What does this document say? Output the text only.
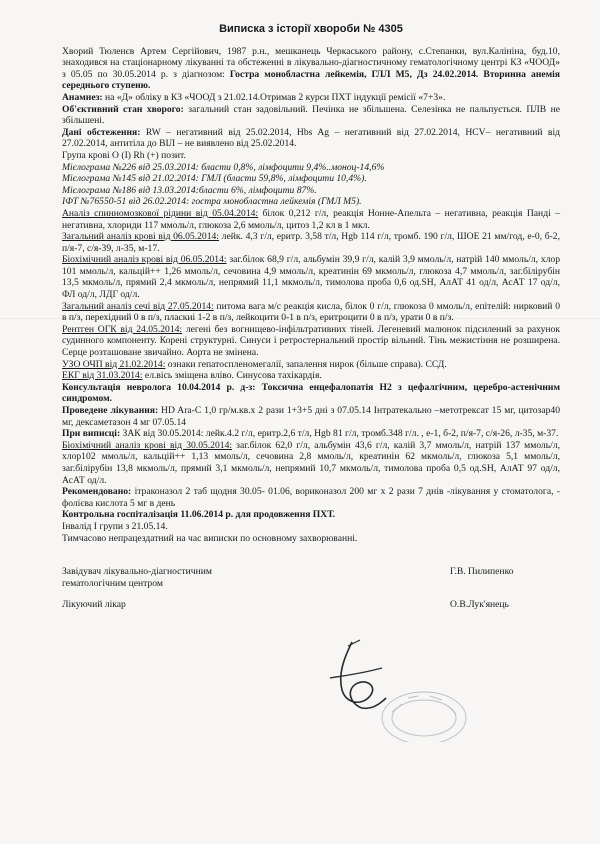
Виписка з історії хвороби № 4305

Хворий Тюленєв Артем Сергійович, 1987 р.н., мешканець Черкаського району, с.Степанки, вул.Калініна, буд.10, знаходився на стаціонарному лікуванні та обстеженні в лікувально-діагностичному гематологічному центрі КЗ «ЧООД» з 05.05 по 30.05.2014 р. з діагнозом: Гостра монобластна лейкемія, ГЛЛ М5, Дз 24.02.2014. Вторинна анемія середнього ступеню.

Анамнез: на «Д» обліку в КЗ «ЧООД з 21.02.14.Отримав 2 курси ПХТ індукції ремісії «7+3».

Об'єктивний стан хворого: загальний стан задовільний. Печінка не збільшена. Селезінка не пальпується. ПЛВ не збільшені.

Дані обстеження: RW – негативний від 25.02.2014, Hbs Ag – негативний від 27.02.2014, HCV– негативний від 27.02.2014, антитіла до ВІЛ – не виявлено від 25.02.2014.

Група крові О (І) Rh (+) позит.

Мієлограма №226 від 25.03.2014: бласти 0,8%, лімфоцити 9,4%..моноц-14,6%

Мієлограма №145 від 21.02.2014: ГМЛ (бласти 59,8%, лімфоцити 10,4%).

Мієлограма №186 від 13.03.2014:бласти 6%, лімфоцити 87%.

ІФТ №76550-51 від 26.02.2014: гостра монобластна лейкемія (ГМЛ М5).

Аналіз спинномозкової рідини від 05.04.2014: білок 0,212 г/л, реакція Нонне-Апельта – негативна, реакція Панді – негативна, хлориди 117 ммоль/л, глюкоза 2,6 ммоль/л, цитоз 1,2 кл в 1 мкл.

Загальний аналіз крові від 06.05.2014: лейк. 4,3 г/л, еритр. 3,58 т/л, Hgb 114 г/л, тромб. 190 г/л, ШОЕ 21 мм/год, е-0, б-2, п/я-7, с/я-39, л-35, м-17.

Біохімічний аналіз крові від 06.05.2014: заг.білок 68,9 г/л, альбумін 39,9 г/л, калій 3,9 ммоль/л, натрій 140 ммоль/л, хлор 101 ммоль/л, кальцій++ 1,26 ммоль/л, сечовина 4,9 ммоль/л, креатинін 69 мкмоль/л, глюкоза 4,7 ммоль/л, заг.білірубін 13,5 мкмоль/л, прямий 2,4 мкмоль/л, непрямий 11,1 мкмоль/л, тимолова проба 0,6 од.SH, АлАТ 41 од/л, АсАТ 17 од/л, ФЛ од/л, ЛДГ од/л.

Загальний аналіз сечі від 27.05.2014: питома вага м/с реакція кисла, білок 0 г/л, глюкоза 0 ммоль/л, епітелій: нирковий 0 в п/з, перехідний 0 в п/з, пласкиі 1-2 в п/з, лейкоцити 0-1 в п/з, еритроцити 0 в п/з, урати 0 в п/з.

Рентген ОГК від 24.05.2014: легені без вогнищево-інфільтративних тіней. Легеневий малюнок підсилений за рахунок судинного компоненту. Корені структурні. Синуси і ретростернальний простір вільний. Тінь межистіння не розширена. Серце розташоване звичайно. Аорта не змінена.

УЗО ОЧП від 21.02.2014: ознаки гепатоспленомегалії, запалення нирок (більше справа). ССД.

ЕКГ від 31.03.2014: ел.вісь зміщена вліво. Синусова тахікардія.

Консультація невролога 10.04.2014 р. д-з: Токсична енцефалопатія Н2 з цефалгічним, церебро-астенічним синдромом.

Проведене лікування: HD Ara-C 1,0 гр/м.кв.х 2 рази 1+3+5 дні з 07.05.14 Інтратекально –метотрексат 15 мг, цитозар40 мг, дексаметазон 4 мг 07.05.14

При виписці: ЗАК від 30.05.2014: лейк.4.2 г/л, еритр.2,6 т/л, Hgb 81 г/л, тромб.348 г/л. , е-1, б-2, п/я-7, с/я-26, л-35, м-37.

Біохімічний аналіз крові від 30.05.2014: заг.білок 62,0 г/л, альбумін 43,6 г/л, калій 3,7 ммоль/л, натрій 137 ммоль/л, хлор102 ммоль/л, кальцій++ 1,13 ммоль/л, сечовина 2,8 ммоль/л, креатинін 62 мкмоль/л, глюкоза 5,1 ммоль/л, заг.білірубін 13,8 мкмоль/л, прямий 3,1 мкмоль/л, непрямий 10,7 мкмоль/л, тимолова проба 0,5 од.SH, АлАТ 97 од/л, АсАТ од/л.

Рекомендовано: ітраконазол 2 таб щодня 30.05- 01.06, вориконазол 200 мг х 2 рази 7 днів -лікування у стоматолога, - фолієва кислота 5 мг в день

Контрольна госпіталізація 11.06.2014 р. для продовження ПХТ.

Інвалід І групи з 21.05.14.

Тимчасово непрацездатний на час виписки по основному захворюванні.

Завідувач лікувально-діагностичним
гематологічним центром
Г.В. Пилипенко
Лікуючий лікар	О.В.Лук'янець
